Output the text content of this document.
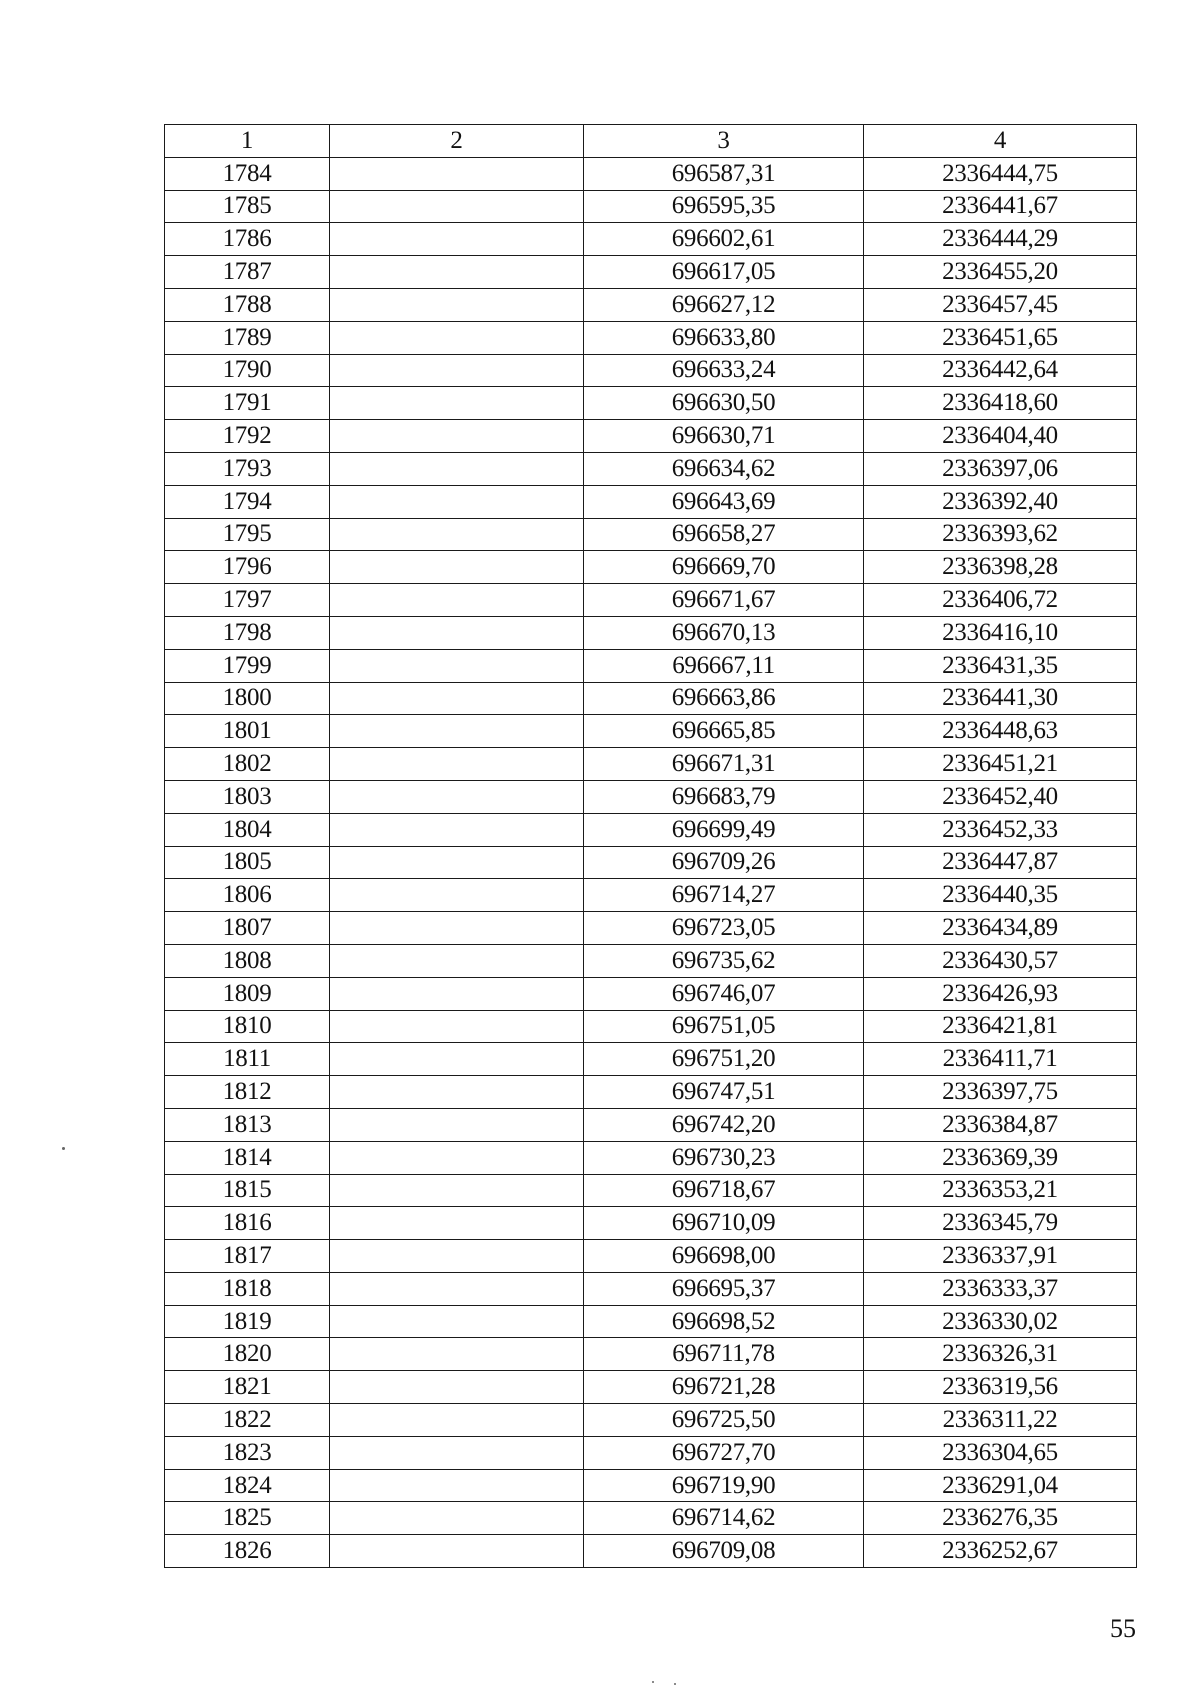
1	2	3	4
1784		696587,31	2336444,75
1785		696595,35	2336441,67
1786		696602,61	2336444,29
1787		696617,05	2336455,20
1788		696627,12	2336457,45
1789		696633,80	2336451,65
1790		696633,24	2336442,64
1791		696630,50	2336418,60
1792		696630,71	2336404,40
1793		696634,62	2336397,06
1794		696643,69	2336392,40
1795		696658,27	2336393,62
1796		696669,70	2336398,28
1797		696671,67	2336406,72
1798		696670,13	2336416,10
1799		696667,11	2336431,35
1800		696663,86	2336441,30
1801		696665,85	2336448,63
1802		696671,31	2336451,21
1803		696683,79	2336452,40
1804		696699,49	2336452,33
1805		696709,26	2336447,87
1806		696714,27	2336440,35
1807		696723,05	2336434,89
1808		696735,62	2336430,57
1809		696746,07	2336426,93
1810		696751,05	2336421,81
1811		696751,20	2336411,71
1812		696747,51	2336397,75
1813		696742,20	2336384,87
1814		696730,23	2336369,39
1815		696718,67	2336353,21
1816		696710,09	2336345,79
1817		696698,00	2336337,91
1818		696695,37	2336333,37
1819		696698,52	2336330,02
1820		696711,78	2336326,31
1821		696721,28	2336319,56
1822		696725,50	2336311,22
1823		696727,70	2336304,65
1824		696719,90	2336291,04
1825		696714,62	2336276,35
1826		696709,08	2336252,67
55
